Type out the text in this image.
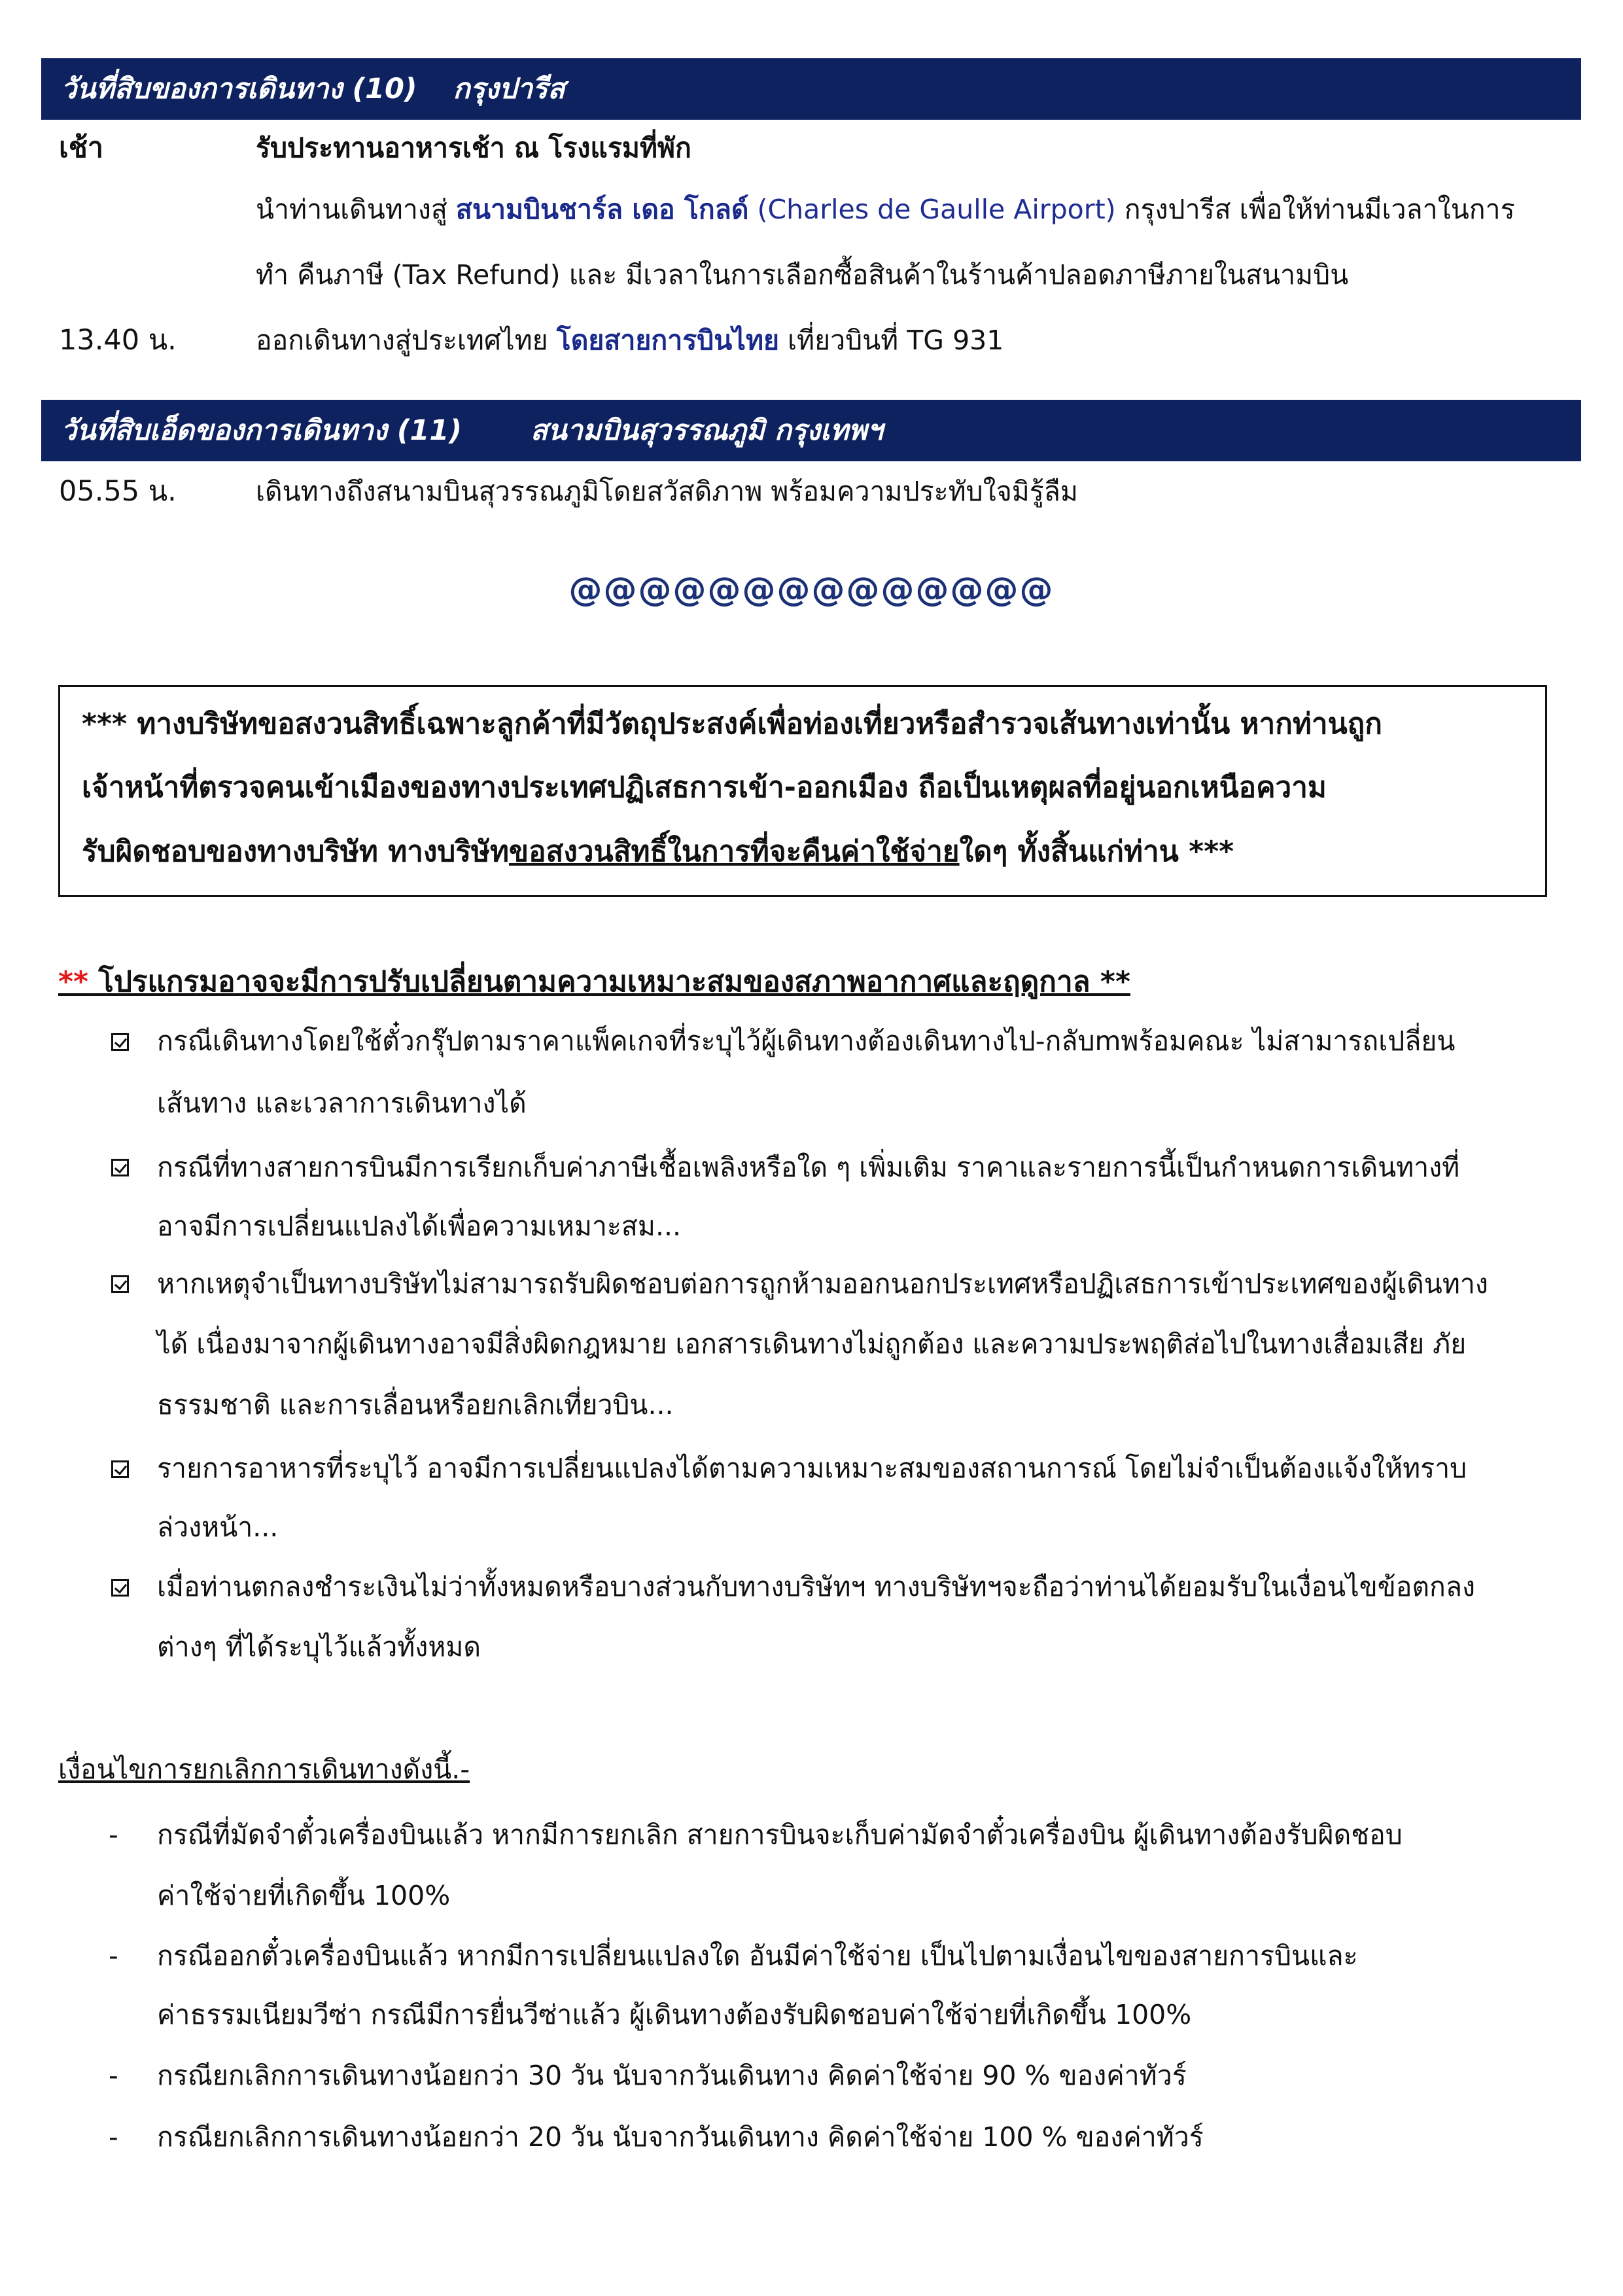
วันที่สิบของการเดินทาง (10) กรุงปารีส
เช้า	รับประทานอาหารเช้า ณ โรงแรมที่พัก
นำท่านเดินทางสู่ สนามบินชาร์ล เดอ โกลด์ (Charles de Gaulle Airport) กรุงปารีส เพื่อให้ท่านมีเวลาในการ
ทำ คืนภาษี (Tax Refund) และ มีเวลาในการเลือกซื้อสินค้าในร้านค้าปลอดภาษีภายในสนามบิน
13.40 น.	ออกเดินทางสู่ประเทศไทย โดยสายการบินไทย เที่ยวบินที่ TG 931
วันที่สิบเอ็ดของการเดินทาง (11) สนามบินสุวรรณภูมิ กรุงเทพฯ
05.55 น.	เดินทางถึงสนามบินสุวรรณภูมิโดยสวัสดิภาพ พร้อมความประทับใจมิรู้ลืม
@@@@@@@@@@@@@@
*** ทางบริษัทขอสงวนสิทธิ์เฉพาะลูกค้าที่มีวัตถุประสงค์เพื่อท่องเที่ยวหรือสำรวจเส้นทางเท่านั้น หากท่านถูก
เจ้าหน้าที่ตรวจคนเข้าเมืองของทางประเทศปฏิเสธการเข้า-ออกเมือง ถือเป็นเหตุผลที่อยู่นอกเหนือความ
รับผิดชอบของทางบริษัท ทางบริษัทขอสงวนสิทธิ์ในการที่จะคืนค่าใช้จ่ายใดๆ ทั้งสิ้นแก่ท่าน ***
** โปรแกรมอาจจะมีการปรับเปลี่ยนตามความเหมาะสมของสภาพอากาศและฤดูกาล **
กรณีเดินทางโดยใช้ตั๋วกรุ๊ปตามราคาแพ็คเกจที่ระบุไว้ผู้เดินทางต้องเดินทางไป-กลับmพร้อมคณะ ไม่สามารถเปลี่ยน
เส้นทาง และเวลาการเดินทางได้
กรณีที่ทางสายการบินมีการเรียกเก็บค่าภาษีเชื้อเพลิงหรือใด ๆ เพิ่มเติม ราคาและรายการนี้เป็นกำหนดการเดินทางที่
อาจมีการเปลี่ยนแปลงได้เพื่อความเหมาะสม...
หากเหตุจำเป็นทางบริษัทไม่สามารถรับผิดชอบต่อการถูกห้ามออกนอกประเทศหรือปฏิเสธการเข้าประเทศของผู้เดินทาง
ได้ เนื่องมาจากผู้เดินทางอาจมีสิ่งผิดกฎหมาย เอกสารเดินทางไม่ถูกต้อง และความประพฤติส่อไปในทางเสื่อมเสีย ภัย
ธรรมชาติ และการเลื่อนหรือยกเลิกเที่ยวบิน...
รายการอาหารที่ระบุไว้ อาจมีการเปลี่ยนแปลงได้ตามความเหมาะสมของสถานการณ์ โดยไม่จำเป็นต้องแจ้งให้ทราบ
ล่วงหน้า...
เมื่อท่านตกลงชำระเงินไม่ว่าทั้งหมดหรือบางส่วนกับทางบริษัทฯ ทางบริษัทฯจะถือว่าท่านได้ยอมรับในเงื่อนไขข้อตกลง
ต่างๆ ที่ได้ระบุไว้แล้วทั้งหมด
เงื่อนไขการยกเลิกการเดินทางดังนี้.-
- กรณีที่มัดจำตั๋วเครื่องบินแล้ว หากมีการยกเลิก สายการบินจะเก็บค่ามัดจำตั๋วเครื่องบิน ผู้เดินทางต้องรับผิดชอบ
ค่าใช้จ่ายที่เกิดขึ้น 100%
- กรณีออกตั๋วเครื่องบินแล้ว หากมีการเปลี่ยนแปลงใด อันมีค่าใช้จ่าย เป็นไปตามเงื่อนไขของสายการบินและ
ค่าธรรมเนียมวีซ่า กรณีมีการยื่นวีซ่าแล้ว ผู้เดินทางต้องรับผิดชอบค่าใช้จ่ายที่เกิดขึ้น 100%
- กรณียกเลิกการเดินทางน้อยกว่า 30 วัน นับจากวันเดินทาง คิดค่าใช้จ่าย 90 % ของค่าทัวร์
- กรณียกเลิกการเดินทางน้อยกว่า 20 วัน นับจากวันเดินทาง คิดค่าใช้จ่าย 100 % ของค่าทัวร์
